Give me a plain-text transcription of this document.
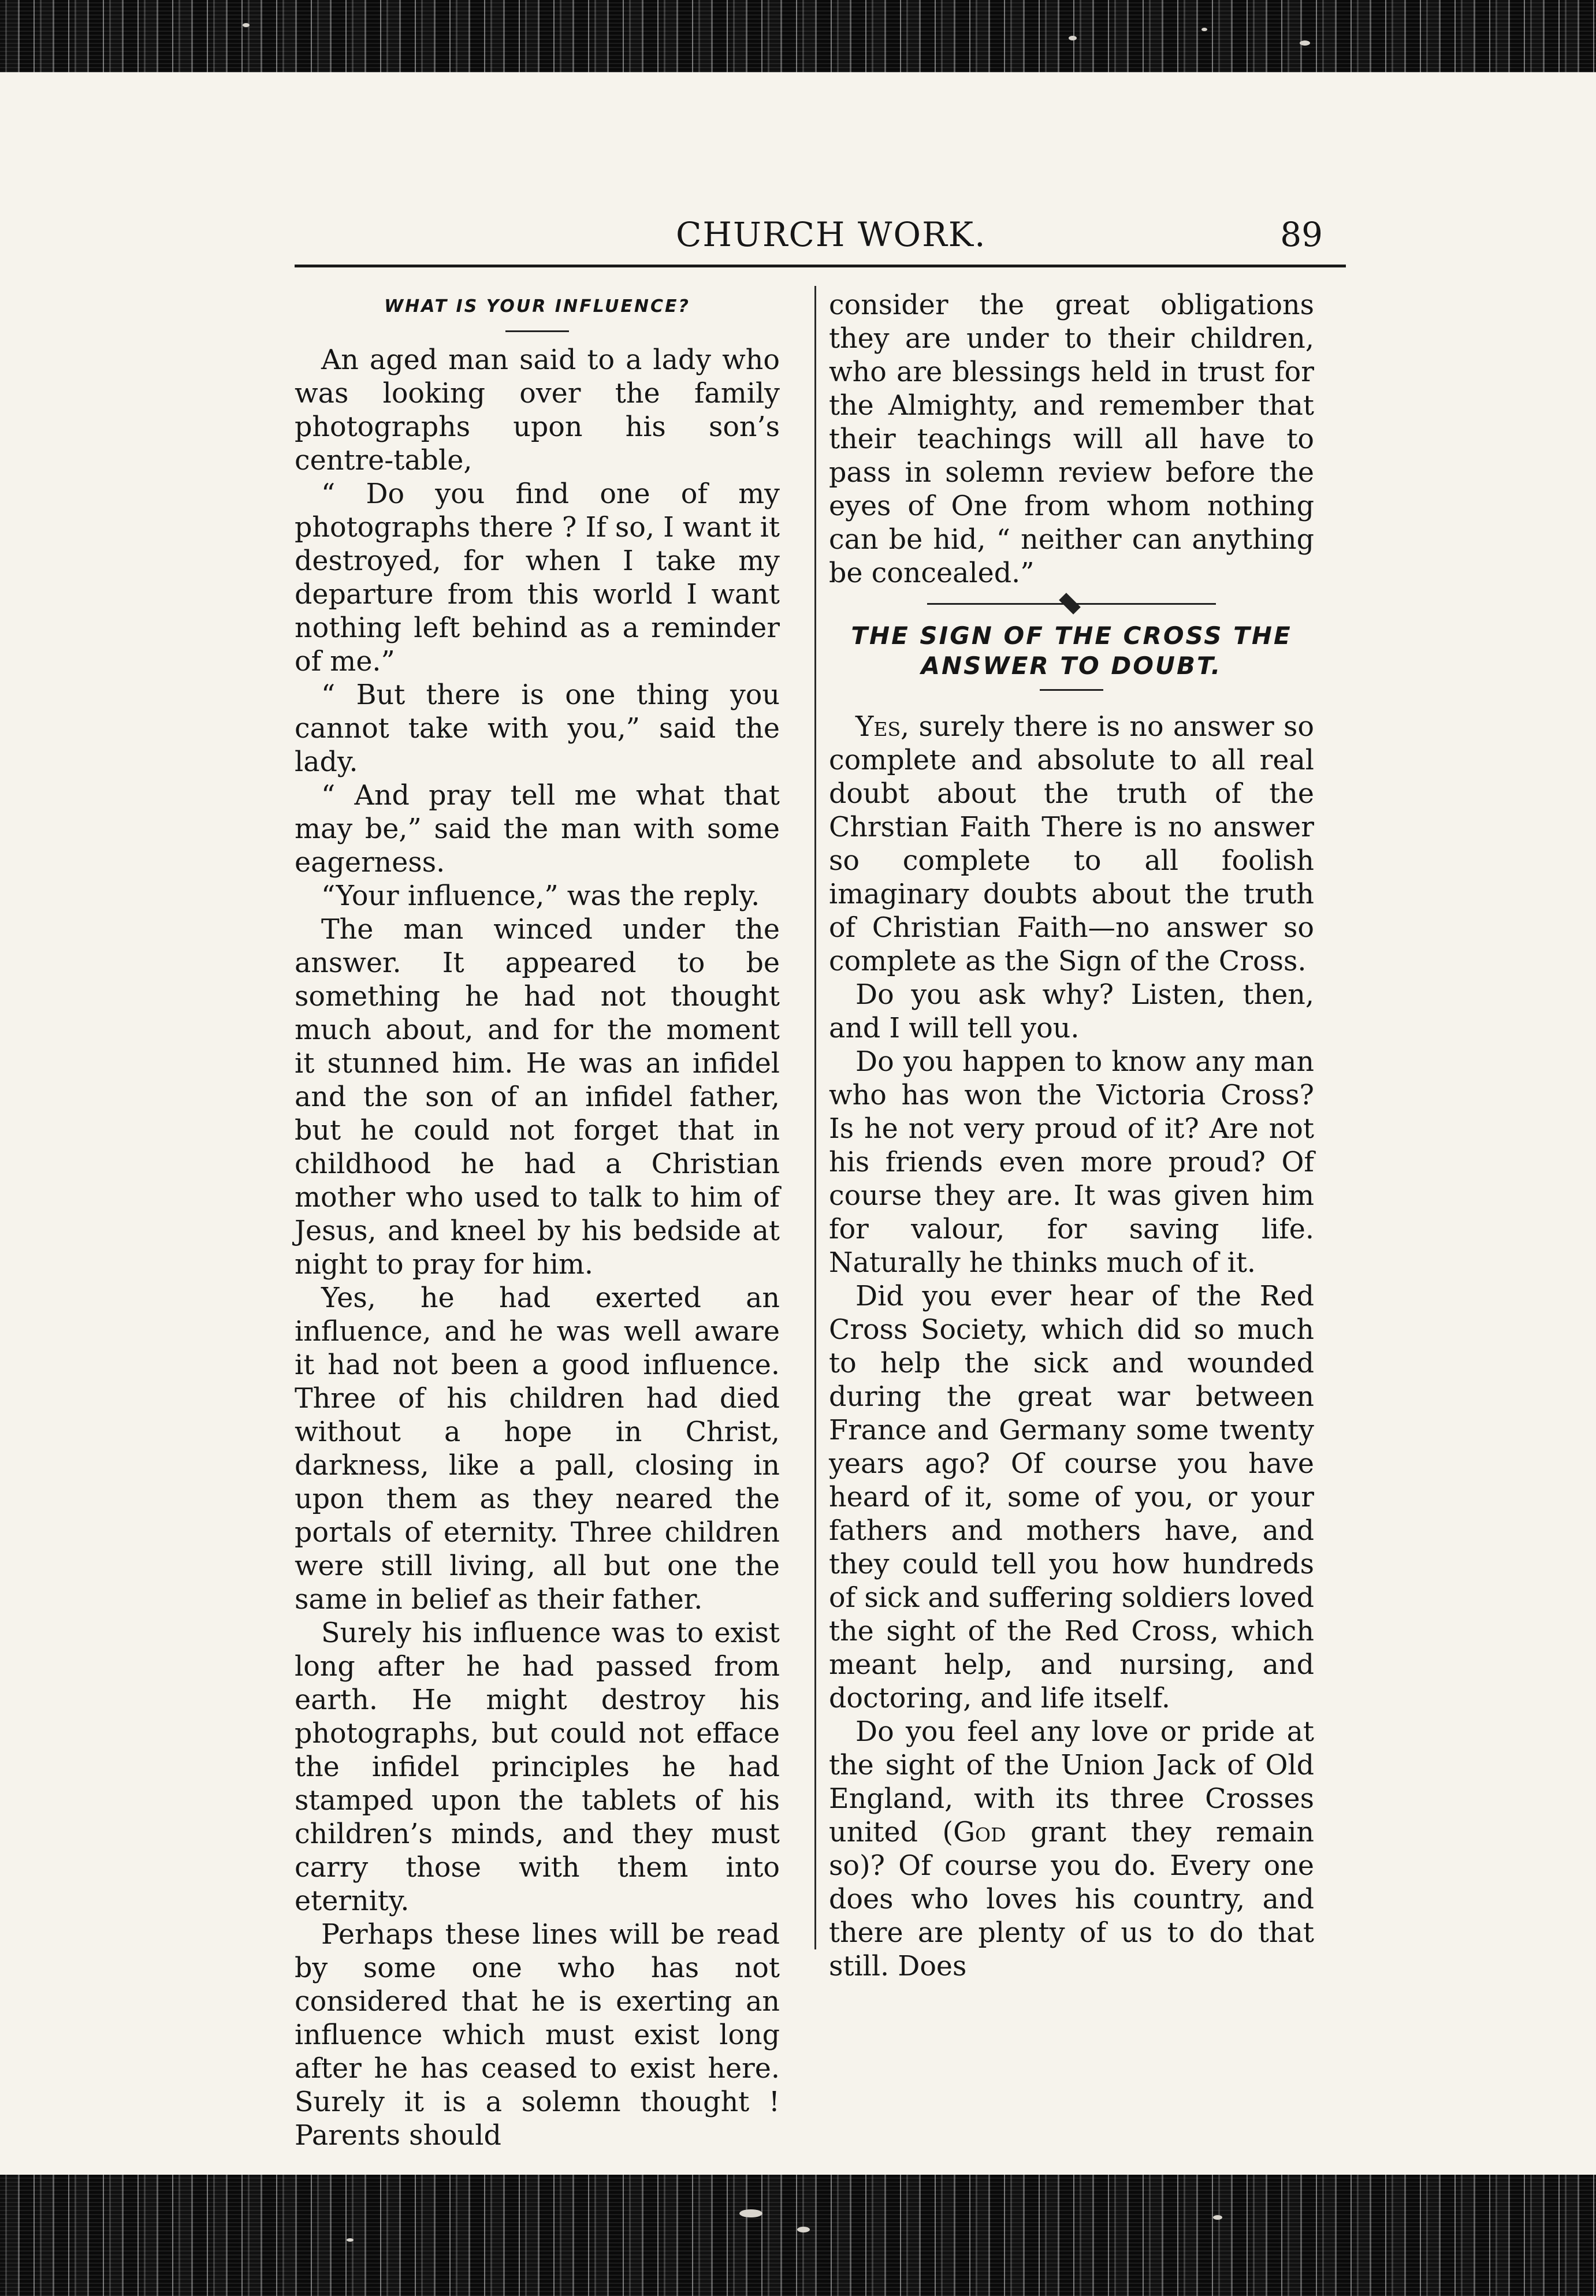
CHURCH WORK.	89
WHAT IS YOUR INFLUENCE?

An aged man said to a lady who was looking over the family photographs upon his son’s centre-table,

“ Do you find one of my photographs there ? If so, I want it destroyed, for when I take my departure from this world I want nothing left behind as a reminder of me.”

“ But there is one thing you cannot take with you,” said the lady.

“ And pray tell me what that may be,” said the man with some eagerness.

“Your influence,” was the reply.

The man winced under the answer. It appeared to be something he had not thought much about, and for the moment it stunned him. He was an infidel and the son of an infidel father, but he could not forget that in childhood he had a Christian mother who used to talk to him of Jesus, and kneel by his bedside at night to pray for him.

Yes, he had exerted an influence, and he was well aware it had not been a good influence. Three of his children had died without a hope in Christ, darkness, like a pall, closing in upon them as they neared the portals of eternity. Three children were still living, all but one the same in belief as their father.

Surely his influence was to exist long after he had passed from earth. He might destroy his photographs, but could not efface the infidel principles he had stamped upon the tablets of his children’s minds, and they must carry those with them into eternity.

Perhaps these lines will be read by some one who has not considered that he is exerting an influence which must exist long after he has ceased to exist here. Surely it is a solemn thought ! Parents should

consider the great obligations they are under to their children, who are blessings held in trust for the Almighty, and remember that their teachings will all have to pass in solemn review before the eyes of One from whom nothing can be hid, “ neither can anything be concealed.”

THE SIGN OF THE CROSS THE ANSWER TO DOUBT.

Yes, surely there is no answer so complete and absolute to all real doubt about the truth of the Chrstian Faith There is no answer so complete to all foolish imaginary doubts about the truth of Christian Faith—no answer so complete as the Sign of the Cross.

Do you ask why? Listen, then, and I will tell you.

Do you happen to know any man who has won the Victoria Cross? Is he not very proud of it? Are not his friends even more proud? Of course they are. It was given him for valour, for saving life. Naturally he thinks much of it.

Did you ever hear of the Red Cross Society, which did so much to help the sick and wounded during the great war between France and Germany some twenty years ago? Of course you have heard of it, some of you, or your fathers and mothers have, and they could tell you how hundreds of sick and suffering soldiers loved the sight of the Red Cross, which meant help, and nursing, and doctoring, and life itself.

Do you feel any love or pride at the sight of the Union Jack of Old England, with its three Crosses united (God grant they remain so)? Of course you do. Every one does who loves his country, and there are plenty of us to do that still. Does
